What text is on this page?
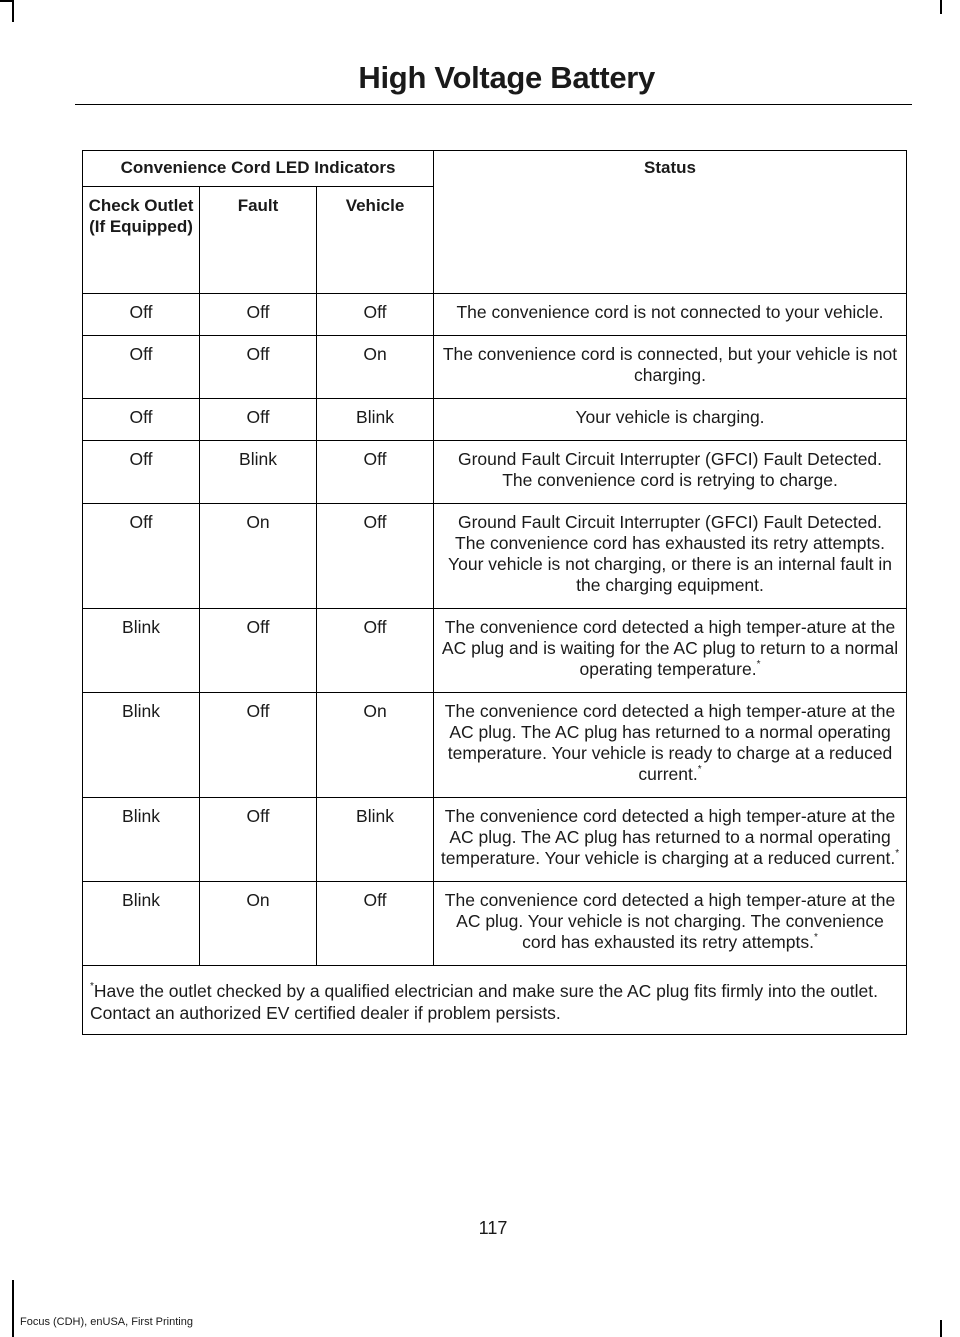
High Voltage Battery
Convenience Cord LED Indicators			Status
Check Outlet (If Equipped)	Fault	Vehicle	
Off	Off	Off	The convenience cord is not connected to your vehicle.
Off	Off	On	The convenience cord is connected, but your vehicle is not charging.
Off	Off	Blink	Your vehicle is charging.
Off	Blink	Off	Ground Fault Circuit Interrupter (GFCI) Fault Detected.
The convenience cord is retrying to charge.

Off	On	Off	Ground Fault Circuit Interrupter (GFCI) Fault Detected.
The convenience cord has exhausted its retry attempts. Your vehicle is not charging, or there is an internal fault in the charging equipment.

Blink	Off	Off	The convenience cord detected a high temper-ature at the AC plug and is waiting for the AC plug to return to a normal operating temperature.*
Blink	Off	On	The convenience cord detected a high temper-ature at the AC plug. The AC plug has returned to a normal operating temperature. Your vehicle is ready to charge at a reduced current.*
Blink	Off	Blink	The convenience cord detected a high temper-ature at the AC plug. The AC plug has returned to a normal operating temperature. Your vehicle is charging at a reduced current.*
Blink	On	Off	The convenience cord detected a high temper-ature at the AC plug. Your vehicle is not charging. The convenience cord has exhausted its retry attempts.*
*Have the outlet checked by a qualified electrician and make sure the AC plug fits firmly into the outlet. Contact an authorized EV certified dealer if problem persists.			
117
Focus (CDH), enUSA, First Printing
